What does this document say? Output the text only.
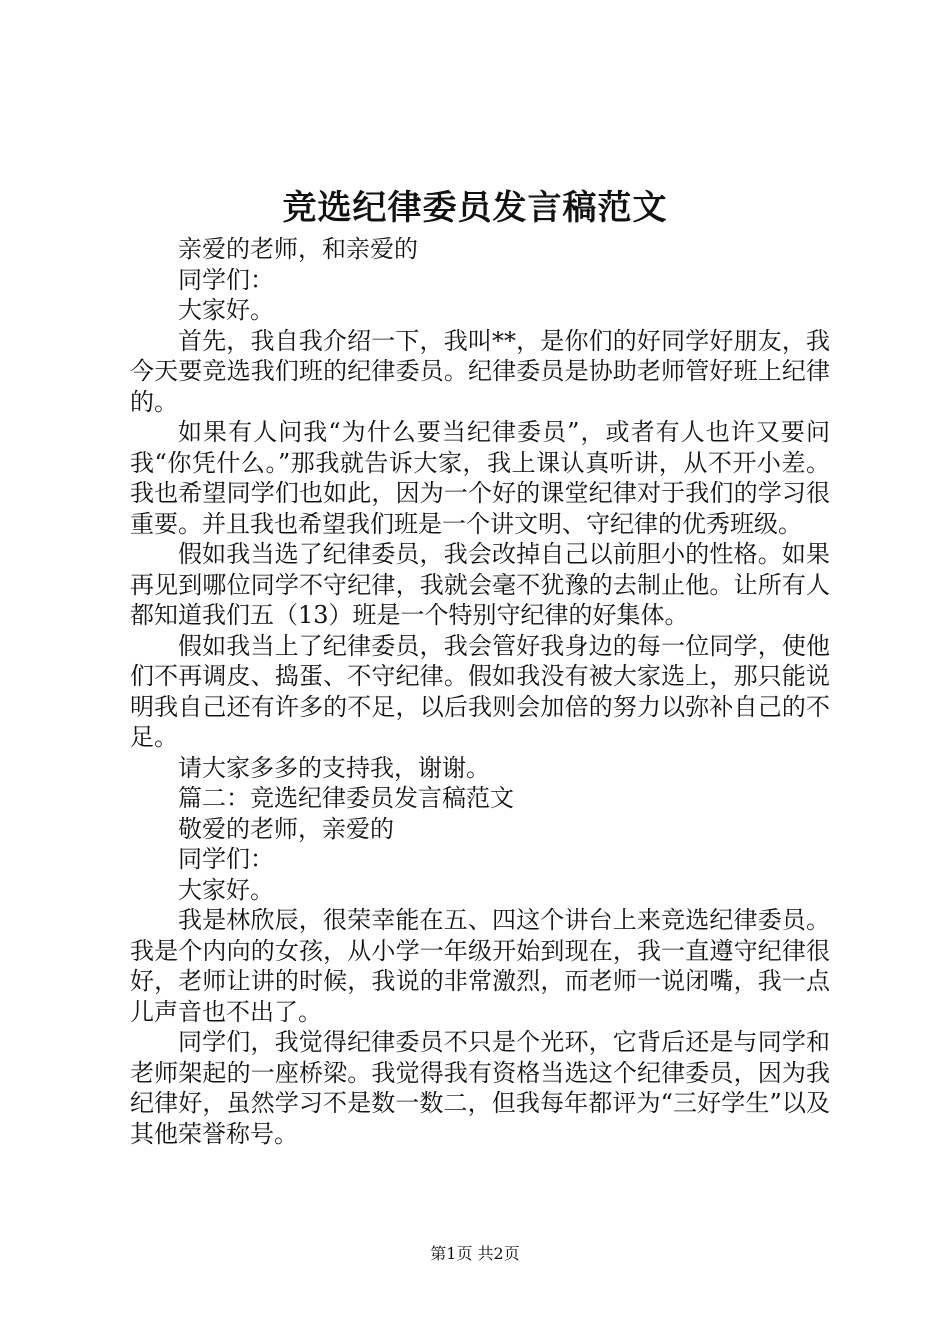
竞选纪律委员发言稿范文

亲爱的老师，和亲爱的

同学们：

大家好。

首先，我自我介绍一下，我叫**，是你们的好同学好朋友，我今天要竞选我们班的纪律委员。纪律委员是协助老师管好班上纪律的。

如果有人问我“为什么要当纪律委员”，或者有人也许又要问我“你凭什么。”那我就告诉大家，我上课认真听讲，从不开小差。我也希望同学们也如此，因为一个好的课堂纪律对于我们的学习很重要。并且我也希望我们班是一个讲文明、守纪律的优秀班级。

假如我当选了纪律委员，我会改掉自己以前胆小的性格。如果再见到哪位同学不守纪律，我就会毫不犹豫的去制止他。让所有人都知道我们五（13）班是一个特别守纪律的好集体。

假如我当上了纪律委员，我会管好我身边的每一位同学，使他们不再调皮、捣蛋、不守纪律。假如我没有被大家选上，那只能说明我自己还有许多的不足，以后我则会加倍的努力以弥补自己的不足。

请大家多多的支持我，谢谢。

篇二：竞选纪律委员发言稿范文

敬爱的老师，亲爱的

同学们：

大家好。

我是林欣辰，很荣幸能在五、四这个讲台上来竞选纪律委员。我是个内向的女孩，从小学一年级开始到现在，我一直遵守纪律很好，老师让讲的时候，我说的非常激烈，而老师一说闭嘴，我一点儿声音也不出了。

同学们，我觉得纪律委员不只是个光环，它背后还是与同学和老师架起的一座桥梁。我觉得我有资格当选这个纪律委员，因为我纪律好，虽然学习不是数一数二，但我每年都评为“三好学生”以及其他荣誉称号。

第1页 共2页
